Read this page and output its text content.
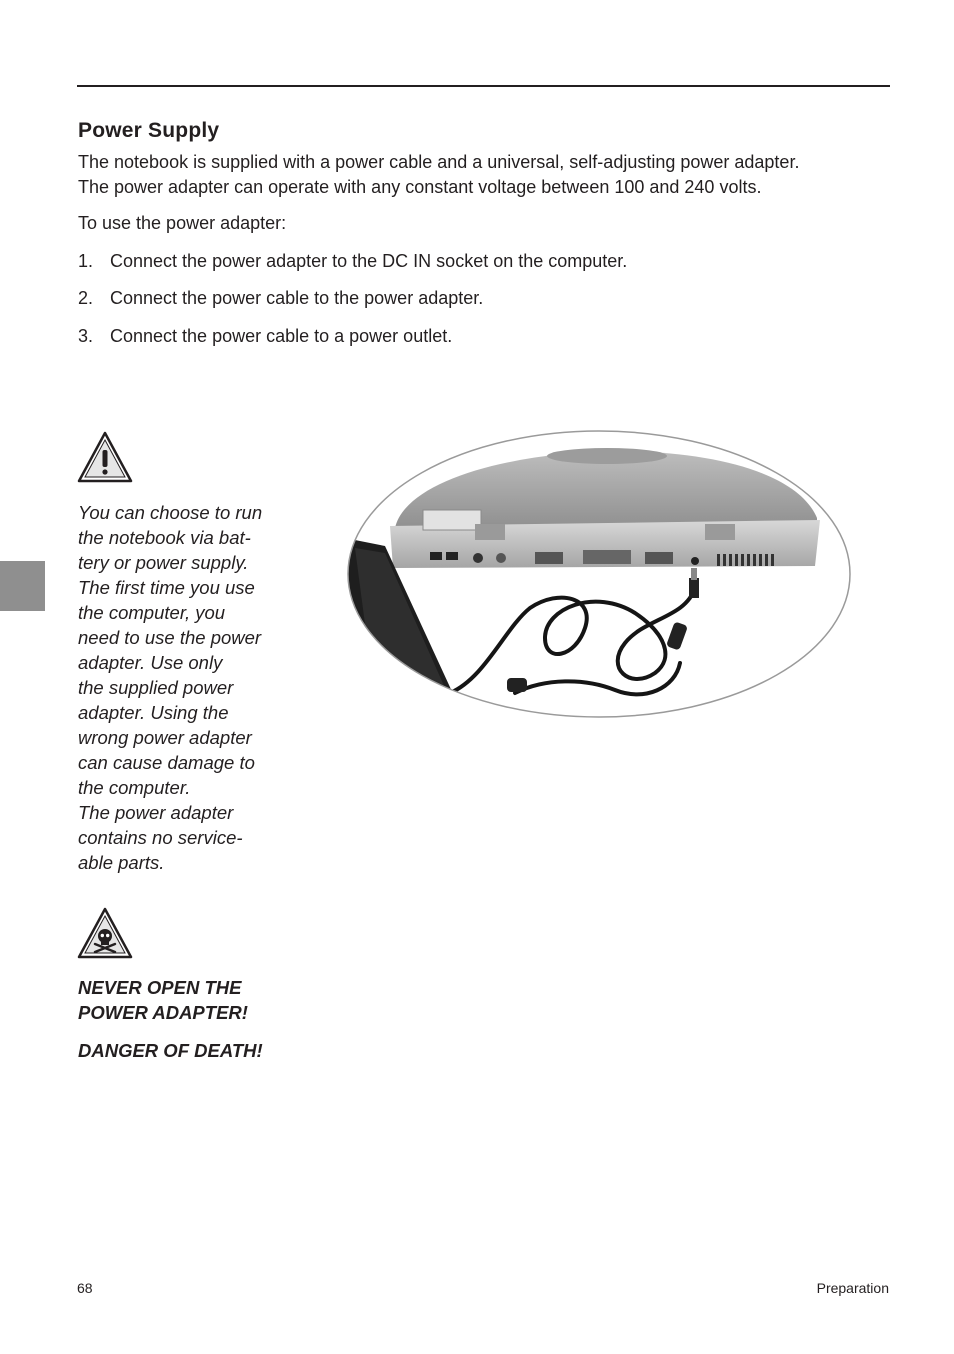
Power Supply

The notebook is supplied with a power cable and a universal, self-adjusting power adapter.
The power adapter can operate with any constant voltage between 100 and 240 volts.

To use the power adapter:

1. Connect the power adapter to the DC IN socket on the computer.

2. Connect the power cable to the power adapter.

3. Connect the power cable to a power outlet.

You can choose to run
the notebook via bat-
tery or power supply.
The first time you use
the computer, you
need to use the power
adapter. Use only
the supplied power
adapter. Using the
wrong power adapter
can cause damage to
the computer.
The power adapter
contains no service-
able parts.

NEVER OPEN THE
POWER ADAPTER!

DANGER OF DEATH!

68	Preparation
